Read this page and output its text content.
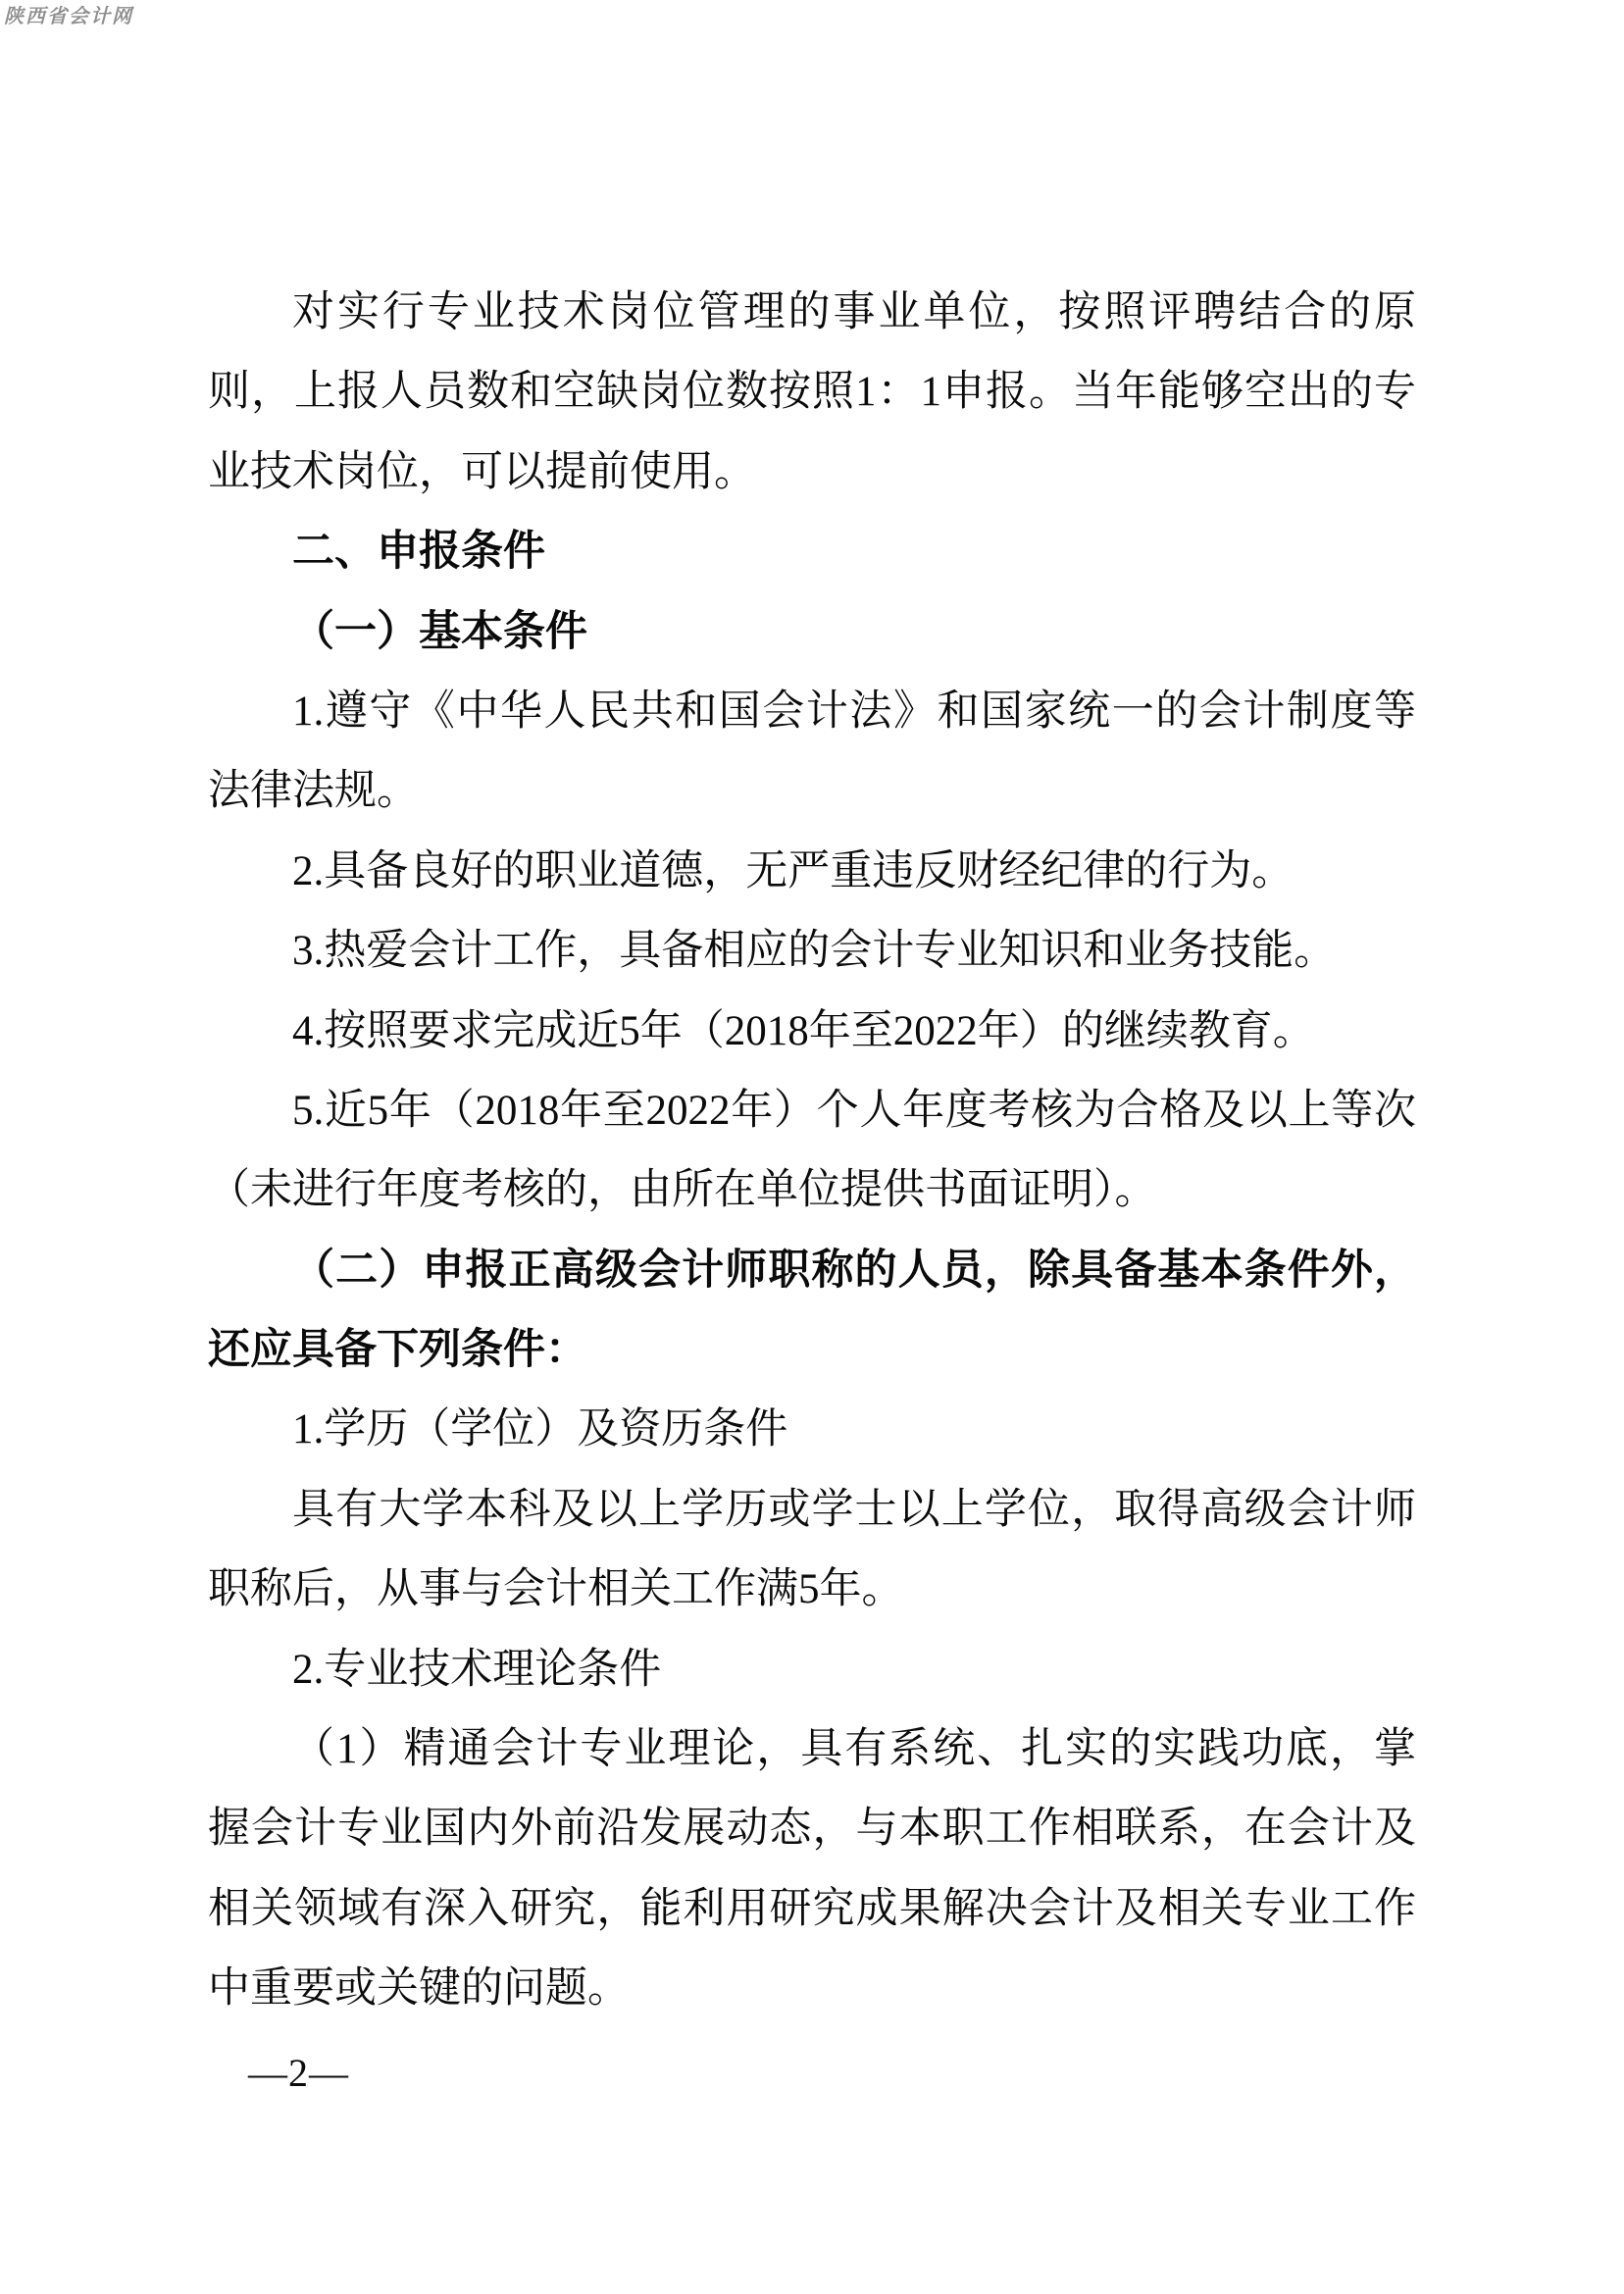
陕西省会计网
对实行专业技术岗位管理的事业单位，按照评聘结合的原
则，上报人员数和空缺岗位数按照1：1申报。当年能够空出的专
业技术岗位，可以提前使用。
二、申报条件
（一）基本条件
1.遵守《中华人民共和国会计法》和国家统一的会计制度等
法律法规。
2.具备良好的职业道德，无严重违反财经纪律的行为。
3.热爱会计工作，具备相应的会计专业知识和业务技能。
4.按照要求完成近5年（2018年至2022年）的继续教育。
5.近5年（2018年至2022年）个人年度考核为合格及以上等次
（未进行年度考核的，由所在单位提供书面证明）。
（二）申报正高级会计师职称的人员，除具备基本条件外，
还应具备下列条件：
1.学历（学位）及资历条件
具有大学本科及以上学历或学士以上学位，取得高级会计师
职称后，从事与会计相关工作满5年。
2.专业技术理论条件
（1）精通会计专业理论，具有系统、扎实的实践功底，掌
握会计专业国内外前沿发展动态，与本职工作相联系，在会计及
相关领域有深入研究，能利用研究成果解决会计及相关专业工作
中重要或关键的问题。
—2—
